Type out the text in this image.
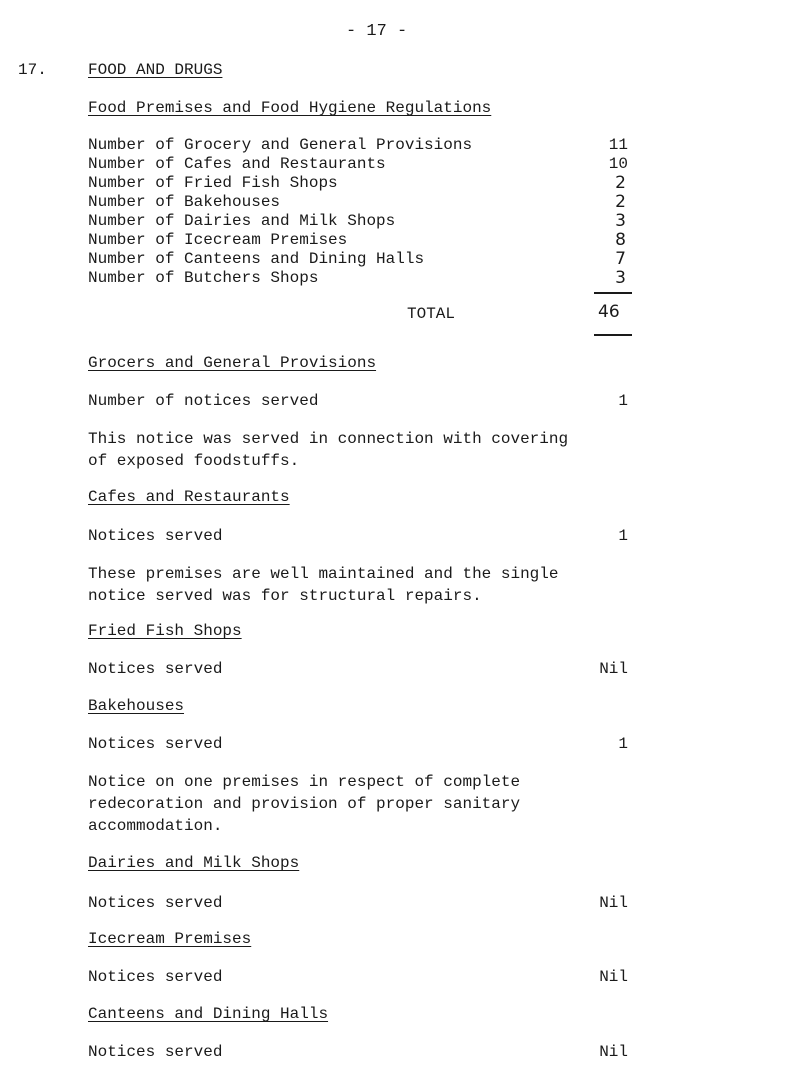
- 17 -
17.	FOOD AND DRUGS
Food Premises and Food Hygiene Regulations
Number of Grocery and General Provisions	11
Number of Cafes and Restaurants	10
Number of Fried Fish Shops	2
Number of Bakehouses	2
Number of Dairies and Milk Shops	3
Number of Icecream Premises	8
Number of Canteens and Dining Halls	7
Number of Butchers Shops	3
TOTAL	46
Grocers and General Provisions
Number of notices served	1
This notice was served in connection with covering
of exposed foodstuffs.
Cafes and Restaurants
Notices served	1
These premises are well maintained and the single
notice served was for structural repairs.
Fried Fish Shops
Notices served	Nil
Bakehouses
Notices served	1
Notice on one premises in respect of complete
redecoration and provision of proper sanitary
accommodation.
Dairies and Milk Shops
Notices served	Nil
Icecream Premises
Notices served	Nil
Canteens and Dining Halls
Notices served	Nil
